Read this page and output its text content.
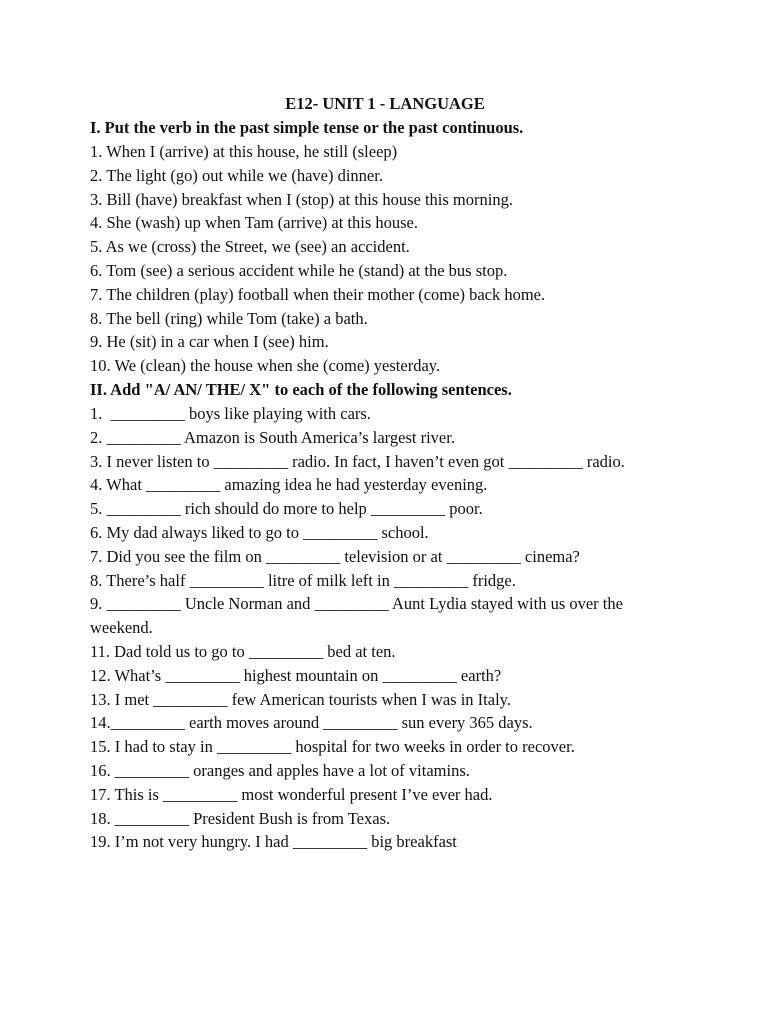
E12- UNIT 1 - LANGUAGE

I. Put the verb in the past simple tense or the past continuous.

1. When I (arrive) at this house, he still (sleep)

2. The light (go) out while we (have) dinner.

3. Bill (have) breakfast when I (stop) at this house this morning.

4. She (wash) up when Tam (arrive) at this house.

5. As we (cross) the Street, we (see) an accident.

6. Tom (see) a serious accident while he (stand) at the bus stop.

7. The children (play) football when their mother (come) back home.

8. The bell (ring) while Tom (take) a bath.

9. He (sit) in a car when I (see) him.

10. We (clean) the house when she (come) yesterday.

II. Add "A/ AN/ THE/ X" to each of the following sentences.

1.  _________ boys like playing with cars.

2. _________ Amazon is South America’s largest river.

3. I never listen to _________ radio. In fact, I haven’t even got _________ radio.

4. What _________ amazing idea he had yesterday evening.

5. _________ rich should do more to help _________ poor.

6. My dad always liked to go to _________ school.

7. Did you see the film on _________ television or at _________ cinema?

8. There’s half _________ litre of milk left in _________ fridge.

9. _________ Uncle Norman and _________ Aunt Lydia stayed with us over the weekend.

11. Dad told us to go to _________ bed at ten.

12. What’s _________ highest mountain on _________ earth?

13. I met _________ few American tourists when I was in Italy.

14._________ earth moves around _________ sun every 365 days.

15. I had to stay in _________ hospital for two weeks in order to recover.

16. _________ oranges and apples have a lot of vitamins.

17. This is _________ most wonderful present I’ve ever had.

18. _________ President Bush is from Texas.

19. I’m not very hungry. I had _________ big breakfast
